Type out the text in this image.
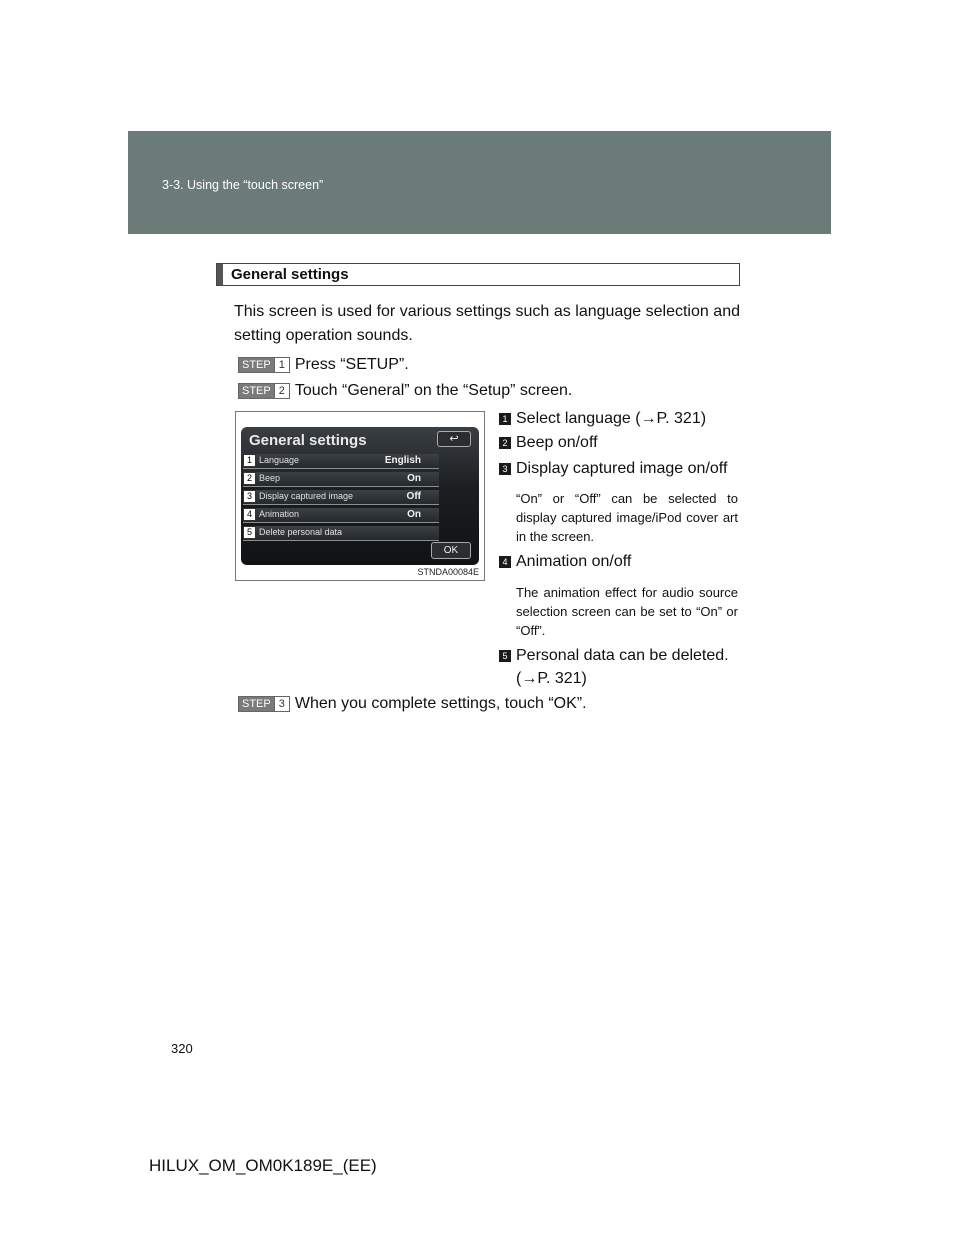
3-3. Using the “touch screen”
General settings
This screen is used for various settings such as language selection and setting operation sounds.
STEP 1 Press “SETUP”.
STEP 2 Touch “General” on the “Setup” screen.
General settings	↩
1 Language	English
2 Beep	On
3 Display captured image	Off
4 Animation	On
5 Delete personal data
OK
STNDA00084E
1 Select language (→P. 321)
2 Beep on/off
3 Display captured image on/off
“On” or “Off” can be selected to display captured image/iPod cover art in the screen.
4 Animation on/off
The animation effect for audio source selection screen can be set to “On” or “Off”.
5 Personal data can be deleted.
(→P. 321)
STEP 3 When you complete settings, touch “OK”.
320
HILUX_OM_OM0K189E_(EE)
